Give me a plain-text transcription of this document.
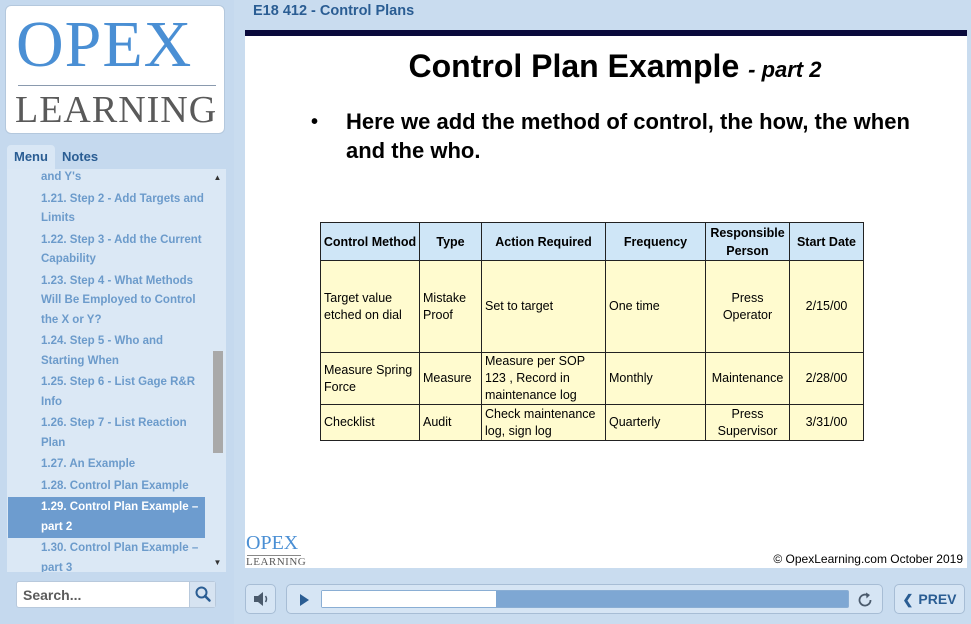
OPEX
LEARNING
Menu	Notes
and Y's
1.21. Step 2 - Add Targets and Limits
1.22. Step 3 - Add the Current Capability
1.23. Step 4 - What Methods Will Be Employed to Control the X or Y?
1.24. Step 5 - Who and Starting When
1.25. Step 6 - List Gage R&R Info
1.26. Step 7 - List Reaction Plan
1.27. An Example
1.28. Control Plan Example
1.29. Control Plan Example –part 2
1.30. Control Plan Example – part 3
▲
▼
Search...
E18 412 - Control Plans
Control Plan Example - part 2
• Here we add the method of control, the how, the when and the who.
Control Method	Type	Action Required	Frequency	Responsible Person	Start Date
Target value etched on dial	Mistake Proof	Set to target	One time	Press Operator	2/15/00
Measure Spring Force	Measure	Measure per SOP 123 , Record in maintenance log	Monthly	Maintenance	2/28/00
Checklist	Audit	Check maintenance log, sign log	Quarterly	Press Supervisor	3/31/00
OPEX
LEARNING	© OpexLearning.com October 2019
❮ PREV
